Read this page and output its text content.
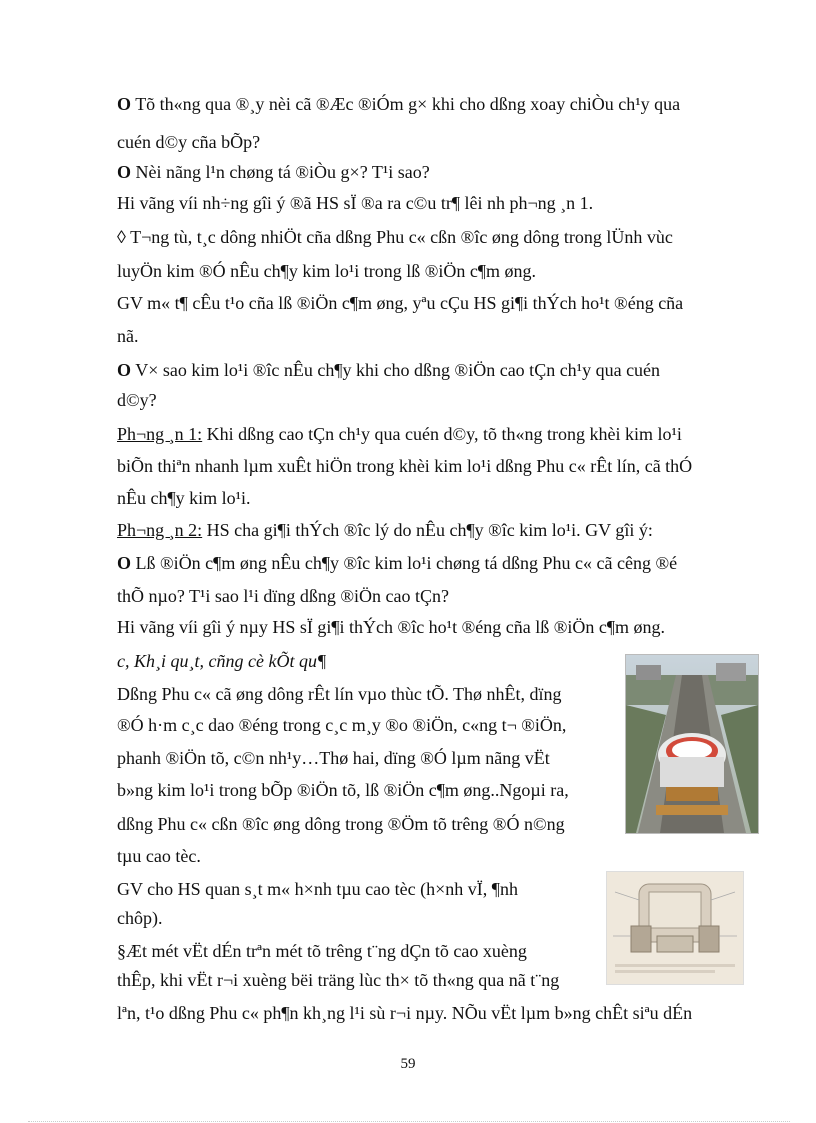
O Tõ th«ng qua ®¸y nèi cã ®Æc ®iÓm g× khi cho dßng xoay chiÒu ch¹y qua
cuén d©y cña bÕp?
O Nèi nãng l¹n chøng tá ®iÒu g×? T¹i sao?
Hi vãng víi nh÷ng gîi ý ®ã HS sÏ ®a ra c©u tr¶ lêi nh ph¬ng ¸n 1.
◊ T¬ng tù, t¸c dông nhiÖt cña dßng Phu c« cßn ®îc øng dông trong lÜnh vùc
luyÖn kim ®Ó nÊu ch¶y kim lo¹i trong lß ®iÖn c¶m øng.
GV m« t¶ cÊu t¹o cña lß ®iÖn c¶m øng, yªu cÇu HS gi¶i thÝch ho¹t ®éng cña
nã.
O V× sao kim lo¹i ®îc nÊu ch¶y khi cho dßng ®iÖn cao tÇn ch¹y qua cuén
d©y?
Ph¬ng ¸n 1: Khi dßng cao tÇn ch¹y qua cuén d©y, tõ th«ng trong khèi kim lo¹i
biÕn thiªn nhanh lµm xuÊt hiÖn trong khèi kim lo¹i dßng Phu c« rÊt lín, cã thÓ
nÊu ch¶y kim lo¹i.
Ph¬ng ¸n 2: HS cha gi¶i thÝch ®îc lý do nÊu ch¶y ®îc kim lo¹i. GV gîi ý:
O Lß ®iÖn c¶m øng nÊu ch¶y ®îc kim lo¹i chøng tá dßng Phu c« cã cêng ®é
thÕ nµo? T¹i sao l¹i dïng dßng ®iÖn cao tÇn?
Hi vãng víi gîi ý nµy HS sÏ gi¶i thÝch ®îc ho¹t ®éng cña lß ®iÖn c¶m øng.
c, Kh¸i qu¸t, cñng cè kÕt qu¶
Dßng Phu c« cã øng dông rÊt lín vµo thùc tÕ. Thø nhÊt, dïng
®Ó h·m c¸c dao ®éng trong c¸c m¸y ®o ®iÖn, c«ng t¬ ®iÖn,
phanh ®iÖn tõ, c©n nh¹y…Thø hai, dïng ®Ó lµm nãng vËt
b»ng kim lo¹i trong bÕp ®iÖn tõ, lß ®iÖn c¶m øng..Ngoµi ra,
dßng Phu c« cßn ®îc øng dông trong ®Öm tõ trêng ®Ó n©ng
tµu cao tèc.
GV cho HS quan s¸t m« h×nh tµu cao tèc (h×nh vÏ, ¶nh
chôp).
§Æt mét vËt dÉn trªn mét tõ trêng t¨ng dÇn tõ cao xuèng
thÊp, khi vËt r¬i xuèng bëi träng lùc th× tõ th«ng qua nã t¨ng
lªn, t¹o dßng Phu c« ph¶n kh¸ng l¹i sù r¬i nµy. NÕu vËt lµm b»ng chÊt siªu dÉn
59
